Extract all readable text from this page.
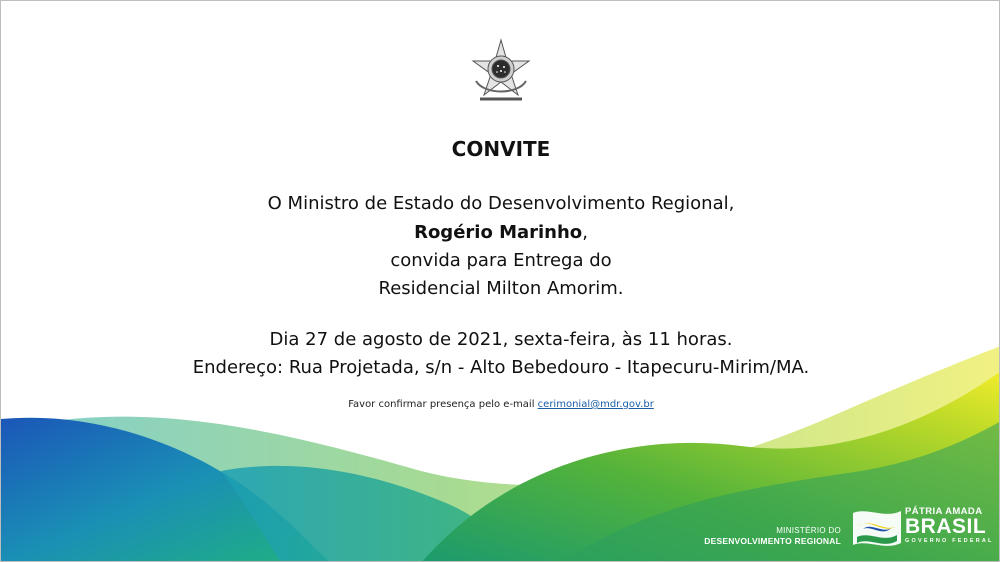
CONVITE
O Ministro de Estado do Desenvolvimento Regional,
Rogério Marinho,
convida para Entrega do
Residencial Milton Amorim.
Dia 27 de agosto de 2021, sexta-feira, às 11 horas.
Endereço: Rua Projetada, s/n - Alto Bebedouro - Itapecuru-Mirim/MA.
Favor confirmar presença pelo e-mail cerimonial@mdr.gov.br
MINISTÉRIO DO
DESENVOLVIMENTO REGIONAL
PÁTRIA AMADA
BRASIL
GOVERNO FEDERAL
